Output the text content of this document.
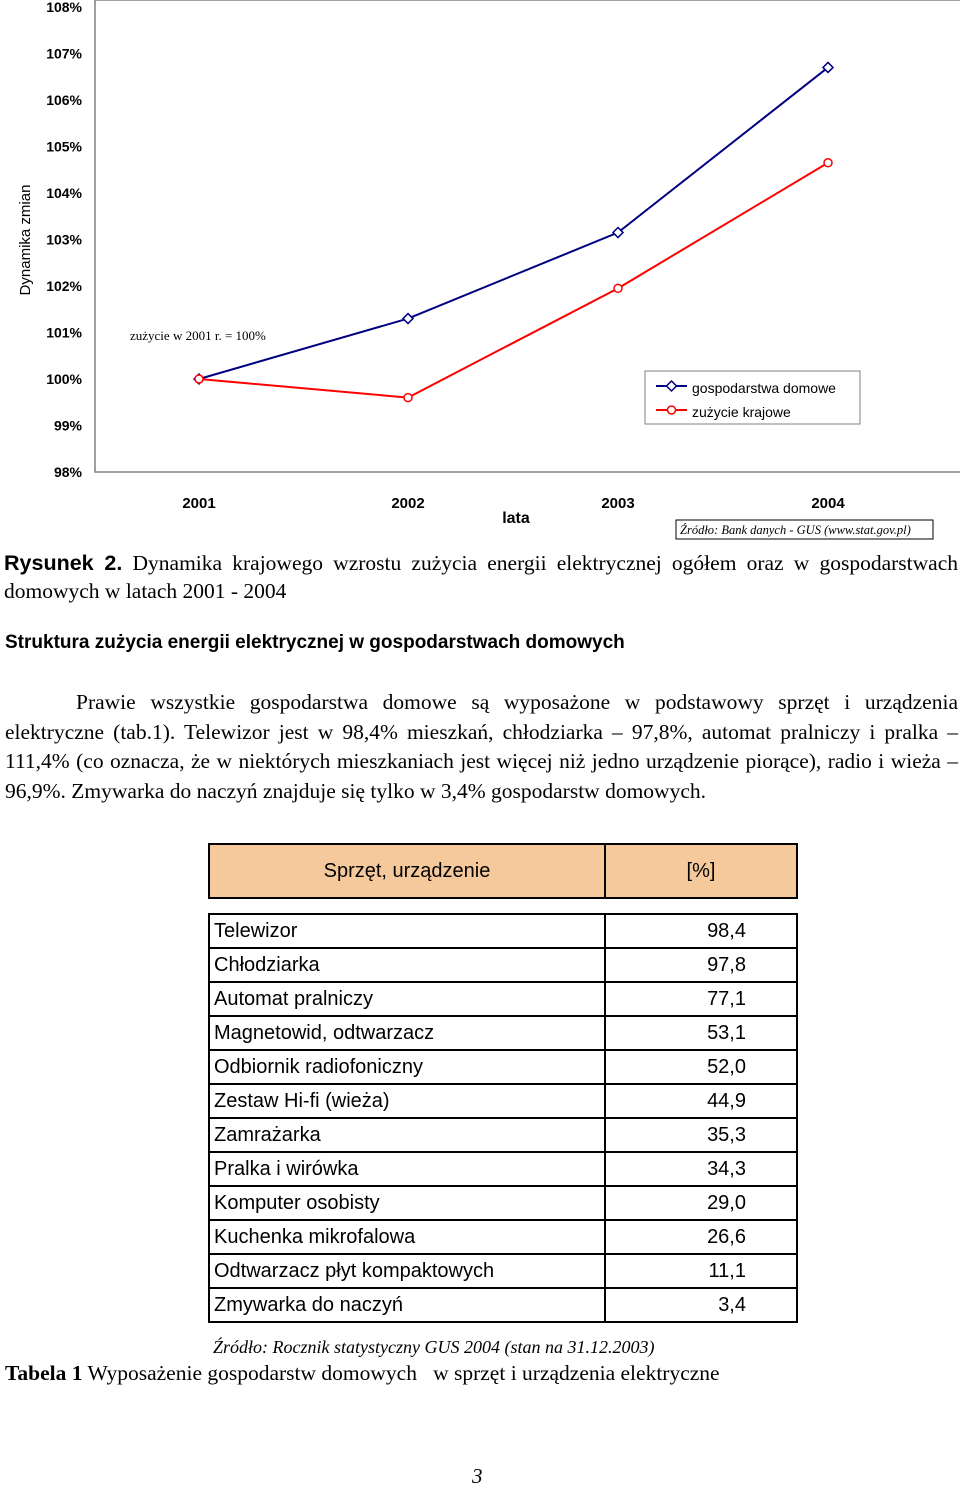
Dynamika zmian
98%
99%
100%
101%
102%
103%
104%
105%
106%
107%
108%
2001	2002	2003	2004
lata
zużycie w 2001 r. = 100%
gospodarstwa domowe
zużycie krajowe
Źródło: Bank danych - GUS (www.stat.gov.pl)
Rysunek 2. Dynamika krajowego wzrostu zużycia energii elektrycznej ogółem oraz w gospodarstwach domowych w latach 2001 - 2004
Struktura zużycia energii elektrycznej w gospodarstwach domowych
Prawie wszystkie gospodarstwa domowe są wyposażone w podstawowy sprzęt i urządzenia elektryczne (tab.1). Telewizor jest w 98,4% mieszkań, chłodziarka – 97,8%, automat pralniczy i pralka – 111,4% (co oznacza, że w niektórych mieszkaniach jest więcej niż jedno urządzenie piorące), radio i wieża – 96,9%. Zmywarka do naczyń znajduje się tylko w 3,4% gospodarstw domowych.
Sprzęt, urządzenie	[%]

Telewizor	98,4
Chłodziarka	97,8
Automat pralniczy	77,1
Magnetowid, odtwarzacz	53,1
Odbiornik radiofoniczny	52,0
Zestaw Hi-fi (wieża)	44,9
Zamrażarka	35,3
Pralka i wirówka	34,3
Komputer osobisty	29,0
Kuchenka mikrofalowa	26,6
Odtwarzacz płyt kompaktowych	11,1
Zmywarka do naczyń	3,4
Źródło: Rocznik statystyczny GUS 2004 (stan na 31.12.2003)
Tabela 1 Wyposażenie gospodarstw domowych   w sprzęt i urządzenia elektryczne
3
